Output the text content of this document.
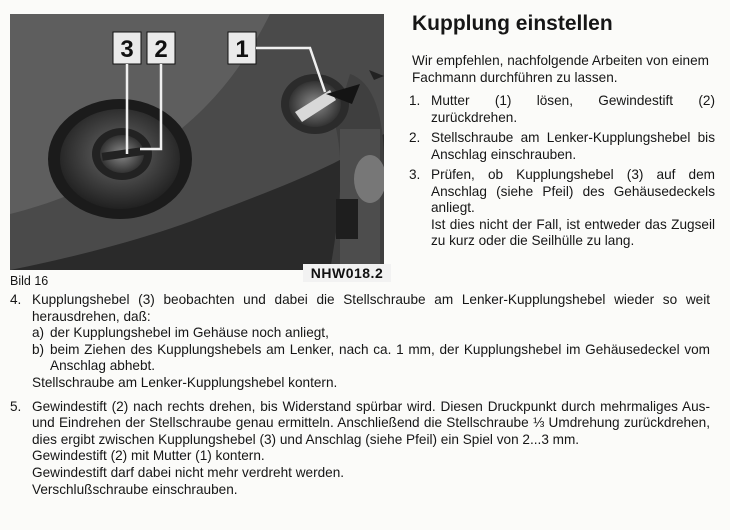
3 2	1
NHW018.2
Kupplung einstellen

Wir empfehlen, nachfolgende Arbeiten von einem Fachmann durchführen zu lassen.

1. Mutter (1) lösen, Gewindestift (2) zurückdrehen.
2. Stellschraube am Lenker-Kupplungshebel bis Anschlag einschrauben.
3. Prüfen, ob Kupplungshebel (3) auf dem Anschlag (siehe Pfeil) des Gehäusedeckels anliegt.
Ist dies nicht der Fall, ist entweder das Zugseil zu kurz oder die Seilhülle zu lang.

Bild 16

4. Kupplungshebel (3) beobachten und dabei die Stellschraube am Lenker-Kupplungshebel wieder so weit herausdrehen, daß:
a) der Kupplungshebel im Gehäuse noch anliegt,
b) beim Ziehen des Kupplungshebels am Lenker, nach ca. 1 mm, der Kupplungshebel im Gehäusedeckel vom Anschlag abhebt.
Stellschraube am Lenker-Kupplungshebel kontern.
5. Gewindestift (2) nach rechts drehen, bis Widerstand spürbar wird. Diesen Druckpunkt durch mehrmaliges Aus- und Eindrehen der Stellschraube genau ermitteln. Anschließend die Stellschraube ⅓ Umdrehung zurückdrehen, dies ergibt zwischen Kupplungshebel (3) und Anschlag (siehe Pfeil) ein Spiel von 2...3 mm.
Gewindestift (2) mit Mutter (1) kontern.
Gewindestift darf dabei nicht mehr verdreht werden.
Verschlußschraube einschrauben.
